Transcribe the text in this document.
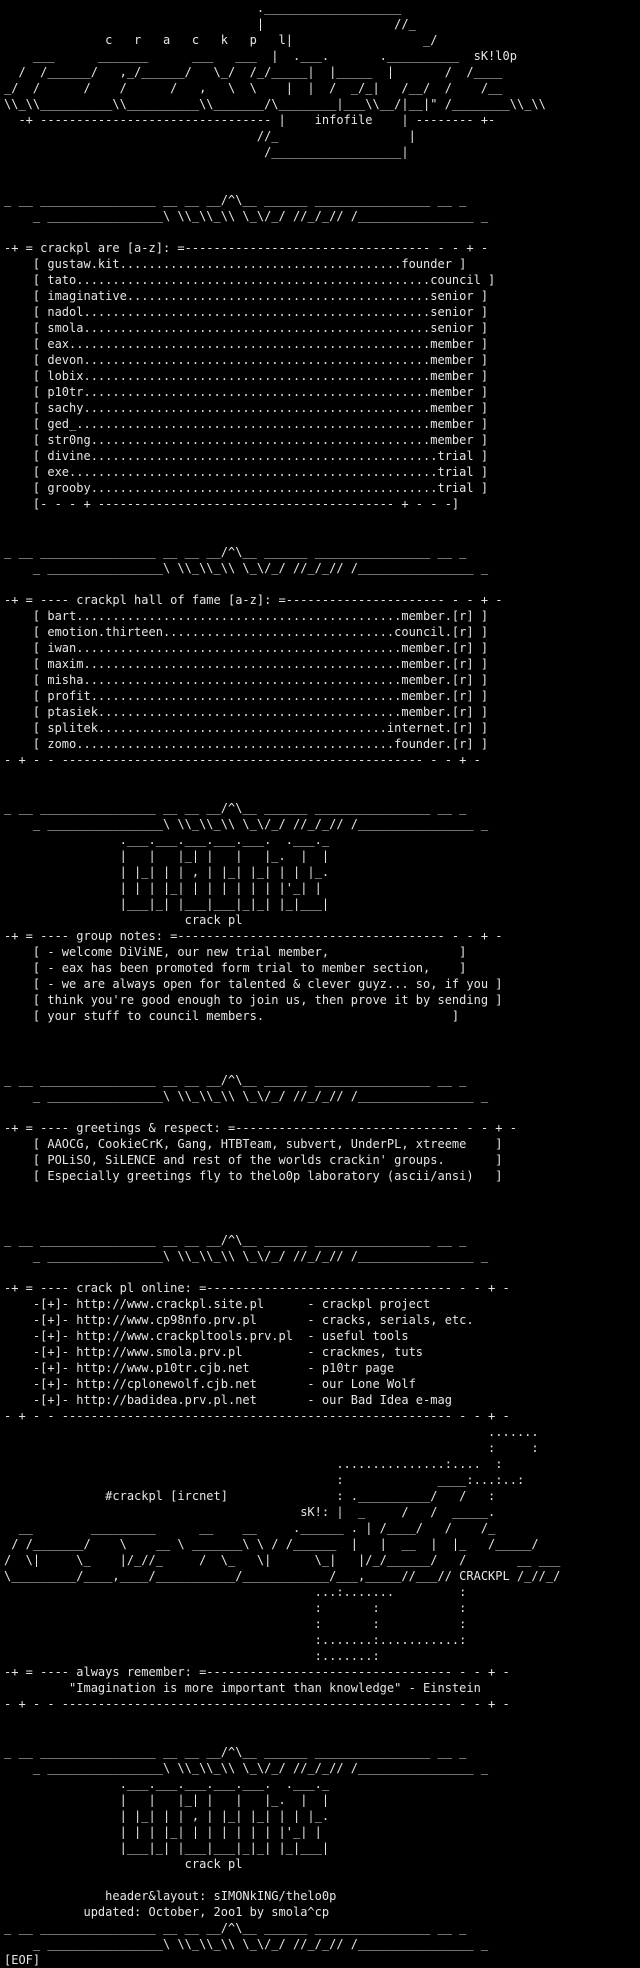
.___________________
|                  //_
c   r   a   c   k   p   l|                  _/
___      _______      ___   ___  |  .___.       .__________  sK!l0p
/  /______/   ,_/______/   \_/  /_/_____|  |_____  |       /  /____
_/  /      /    /      /   ,   \  \    |  |  /  _/_|   /__/  /    /__
\\_\\__________\\__________\\_______/\________|___\\__/|__|" /________\\_\\
-+ -------------------------------- |    infofile    | -------- +-
//_                  |
/__________________|
_ __ ________________ __ __ __/^\__ ______ ________________ __ _
_ ________________\ \\_\\_\\ \_\/_/ //_/_// /________________ _
-+ = crackpl are [a-z]: =---------------------------------- - - + -
[ gustaw.kit.......................................founder ]
[ tato.................................................council ]
[ imaginative..........................................senior ]
[ nadol................................................senior ]
[ smola................................................senior ]
[ eax..................................................member ]
[ devon................................................member ]
[ lobix................................................member ]
[ p10tr................................................member ]
[ sachy................................................member ]
[ ged_.................................................member ]
[ str0ng...............................................member ]
[ divine................................................trial ]
[ exe...................................................trial ]
[ grooby................................................trial ]
[- - - + ----------------------------------------- + - - -]
_ __ ________________ __ __ __/^\__ ______ ________________ __ _
_ ________________\ \\_\\_\\ \_\/_/ //_/_// /________________ _
-+ = ---- crackpl hall of fame [a-z]: =---------------------- - - + -
[ bart.............................................member.[r] ]
[ emotion.thirteen................................council.[r] ]
[ iwan.............................................member.[r] ]
[ maxim............................................member.[r] ]
[ misha............................................member.[r] ]
[ profit...........................................member.[r] ]
[ ptasiek..........................................member.[r] ]
[ splitek........................................internet.[r] ]
[ zomo............................................founder.[r] ]
- + - - -------------------------------------------------- - - + -
_ __ ________________ __ __ __/^\__ ______ ________________ __ _
_ ________________\ \\_\\_\\ \_\/_/ //_/_// /________________ _
.___.___.___.___.___.  .___._
|   |   |_| |   |   |_.  |  |
| |_| | | , | |_| |_| | | |_.
| | | |_| | | | | | | |'_| |
|___|_| |___|___|_|_| |_|___|
crack pl
-+ = ---- group notes: =------------------------------------- - - + -
[ - welcome DiViNE, our new trial member,                  ]
[ - eax has been promoted form trial to member section,    ]
[ - we are always open for talented & clever guyz... so, if you ]
[ think you're good enough to join us, then prove it by sending ]
[ your stuff to council members.                          ]
_ __ ________________ __ __ __/^\__ ______ ________________ __ _
_ ________________\ \\_\\_\\ \_\/_/ //_/_// /________________ _
-+ = ---- greetings & respect: =------------------------------- - - + -
[ AAOCG, CookieCrK, Gang, HTBTeam, subvert, UnderPL, xtreeme    ]
[ POLiSO, SiLENCE and rest of the worlds crackin' groups.       ]
[ Especially greetings fly to thelo0p laboratory (ascii/ansi)   ]
_ __ ________________ __ __ __/^\__ ______ ________________ __ _
_ ________________\ \\_\\_\\ \_\/_/ //_/_// /________________ _
-+ = ---- crack pl online: =---------------------------------- - - + -
-[+]- http://www.crackpl.site.pl      - crackpl project
-[+]- http://www.cp98nfo.prv.pl       - cracks, serials, etc.
-[+]- http://www.crackpltools.prv.pl  - useful tools
-[+]- http://www.smola.prv.pl         - crackmes, tuts
-[+]- http://www.p10tr.cjb.net        - p10tr page
-[+]- http://cplonewolf.cjb.net       - our Lone Wolf
-[+]- http://badidea.prv.pl.net       - our Bad Idea e-mag
- + - - ------------------------------------------------------ - - + -
.......
:     :
...............:....  :
:             ____:...:..:
#crackpl [ircnet]               : .__________/   /   :
sK!: |  _     /   /  _____.
__        _________      __    __     .______ . | /____/   /    /_
/ /_______/    \    __ \ _______\ \ / /______  |   |  __  |  |_   /_____/
/  \|     \_    |/_//_     /  \_   \|      \_|   |/_/______/   /       __ ___
\_________/____,____/___________/____________/___,_____//___// CRACKPL /_//_/
...:.......         :
:       :           :
:       :           :
:.......:...........:
:.......:
-+ = ---- always remember: =---------------------------------- - - + -
"Imagination is more important than knowledge" - Einstein
- + - - ------------------------------------------------------ - - + -
_ __ ________________ __ __ __/^\__ ______ ________________ __ _
_ ________________\ \\_\\_\\ \_\/_/ //_/_// /________________ _
.___.___.___.___.___.  .___._
|   |   |_| |   |   |_.  |  |
| |_| | | , | |_| |_| | | |_.
| | | |_| | | | | | | |'_| |
|___|_| |___|___|_|_| |_|___|
crack pl
header&layout: sIMONkING/thelo0p
updated: October, 2oo1 by smola^cp
_ __ ________________ __ __ __/^\__ ______ ________________ __ _
_ ________________\ \\_\\_\\ \_\/_/ //_/_// /________________ _
[EOF]
